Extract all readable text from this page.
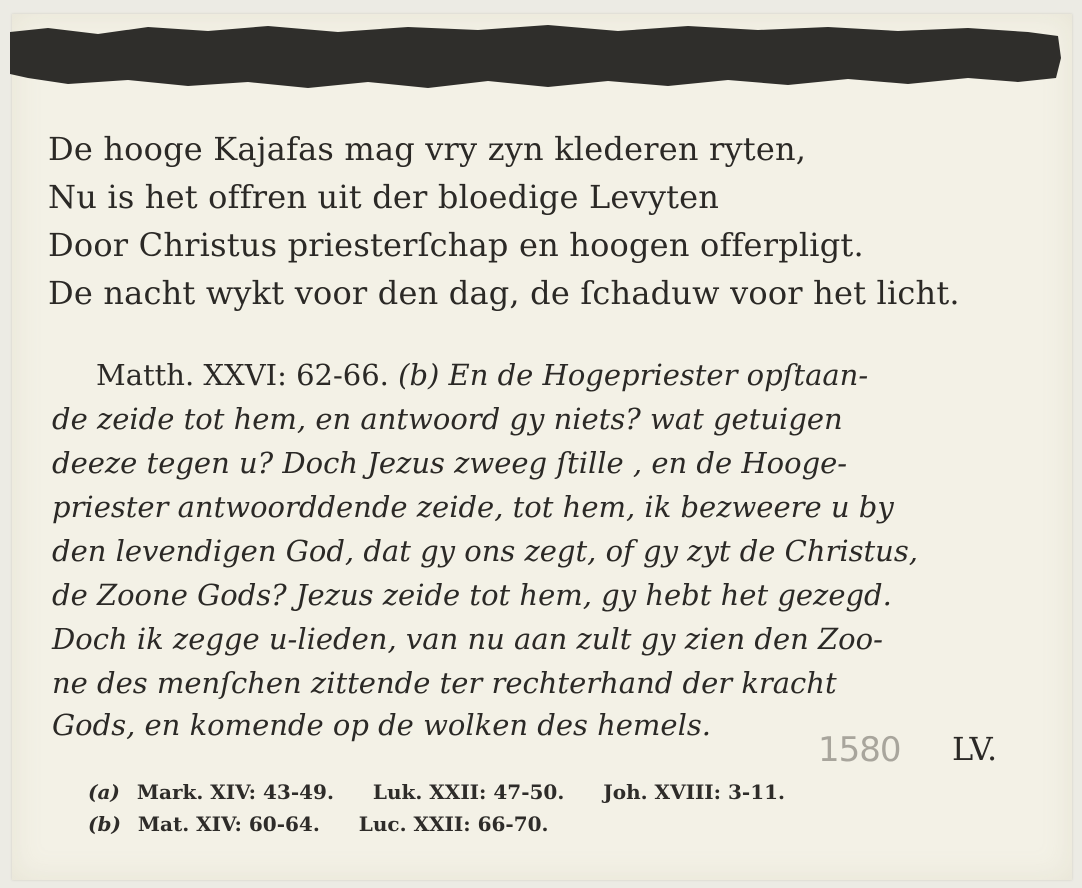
De hooge Kajafas mag vry zyn klederen ryten,
Nu is het offren uit der bloedige Levyten
Door Christus priesterſchap en hoogen offerpligt.
De nacht wykt voor den dag, de ſchaduw voor het licht.
Matth. XXVI: 62-66. (b) En de Hogepriester opſtaan-
de zeide tot hem, en antwoord gy niets? wat getuigen
deeze tegen u? Doch Jezus zweeg ſtille , en de Hooge-
priester antwoorddende zeide, tot hem, ik bezweere u by
den levendigen God, dat gy ons zegt, of gy zyt de Christus,
de Zoone Gods? Jezus zeide tot hem, gy hebt het gezegd.
Doch ik zegge u-lieden, van nu aan zult gy zien den Zoo-
ne des menſchen zittende ter rechterhand der kracht
Gods, en komende op de wolken des hemels.
1580 LV.
(a) Mark. XIV: 43-49. Luk. XXII: 47-50. Joh. XVIII: 3-11.
(b) Mat. XIV: 60-64. Luc. XXII: 66-70.
